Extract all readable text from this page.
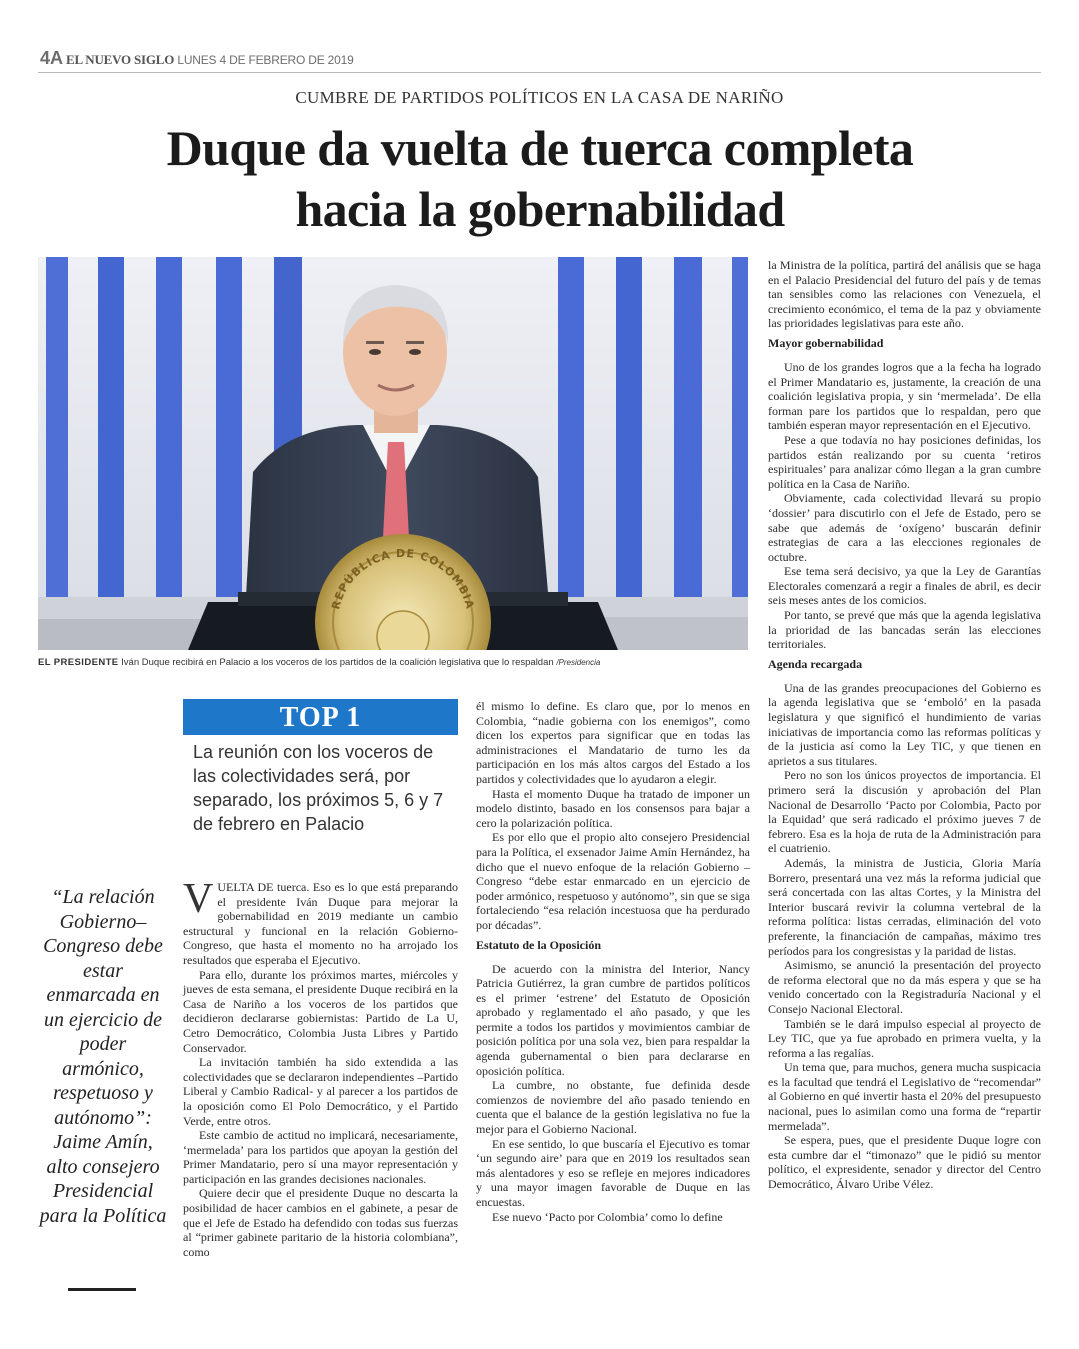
4A EL NUEVO SIGLO LUNES 4 DE FEBRERO DE 2019
CUMBRE DE PARTIDOS POLÍTICOS EN LA CASA DE NARIÑO
Duque da vuelta de tuerca completa
hacia la gobernabilidad
REPÚBLICA DE COLOMBIA
EL PRESIDENTE Iván Duque recibirá en Palacio a los voceros de los partidos de la coalición legislativa que lo respaldan /Presidencia
TOP 1
La reunión con los voceros de las colectividades será, por separado, los próximos 5, 6 y 7 de febrero en Palacio
“La relación Gobierno–Congreso debe estar enmarcada en un ejercicio de poder armónico, respetuoso y autónomo”: Jaime Amín, alto consejero Presidencial para la Política

VUELTA DE tuerca. Eso es lo que está preparando el presidente Iván Duque para mejorar la gobernabilidad en 2019 mediante un cambio estructural y funcional en la relación Gobierno-Congreso, que hasta el momento no ha arrojado los resultados que esperaba el Ejecutivo.

Para ello, durante los próximos martes, miércoles y jueves de esta semana, el presidente Duque recibirá en la Casa de Nariño a los voceros de los partidos que decidieron declararse gobiernistas: Partido de La U, Cetro Democrático, Colombia Justa Libres y Partido Conservador.

La invitación también ha sido extendida a las colectividades que se declararon independientes –Partido Liberal y Cambio Radical- y al parecer a los partidos de la oposición como El Polo Democrático, y el Partido Verde, entre otros.

Este cambio de actitud no implicará, necesariamente, ‘mermelada’ para los partidos que apoyan la gestión del Primer Mandatario, pero sí una mayor representación y participación en las grandes decisiones nacionales.

Quiere decir que el presidente Duque no descarta la posibilidad de hacer cambios en el gabinete, a pesar de que el Jefe de Estado ha defendido con todas sus fuerzas al “primer gabinete paritario de la historia colombiana”, como

él mismo lo define. Es claro que, por lo menos en Colombia, “nadie gobierna con los enemigos”, como dicen los expertos para significar que en todas las administraciones el Mandatario de turno les da participación en los más altos cargos del Estado a los partidos y colectividades que lo ayudaron a elegir.

Hasta el momento Duque ha tratado de imponer un modelo distinto, basado en los consensos para bajar a cero la polarización política.

Es por ello que el propio alto consejero Presidencial para la Política, el exsenador Jaime Amín Hernández, ha dicho que el nuevo enfoque de la relación Gobierno – Congreso “debe estar enmarcado en un ejercicio de poder armónico, respetuoso y autónomo”, sin que se siga fortaleciendo “esa relación incestuosa que ha perdurado por décadas”.

Estatuto de la Oposición

De acuerdo con la ministra del Interior, Nancy Patricia Gutiérrez, la gran cumbre de partidos políticos es el primer ‘estrene’ del Estatuto de Oposición aprobado y reglamentado el año pasado, y que les permite a todos los partidos y movimientos cambiar de posición política por una sola vez, bien para respaldar la agenda gubernamental o bien para declararse en oposición política.

La cumbre, no obstante, fue definida desde comienzos de noviembre del año pasado teniendo en cuenta que el balance de la gestión legislativa no fue la mejor para el Gobierno Nacional.

En ese sentido, lo que buscaría el Ejecutivo es tomar ‘un segundo aire’ para que en 2019 los resultados sean más alentadores y eso se refleje en mejores indicadores y una mayor imagen favorable de Duque en las encuestas.

Ese nuevo ‘Pacto por Colombia’ como lo define

la Ministra de la política, partirá del análisis que se haga en el Palacio Presidencial del futuro del país y de temas tan sensibles como las relaciones con Venezuela, el crecimiento económico, el tema de la paz y obviamente las prioridades legislativas para este año.

Mayor gobernabilidad

Uno de los grandes logros que a la fecha ha logrado el Primer Mandatario es, justamente, la creación de una coalición legislativa propia, y sin ‘mermelada’. De ella forman pare los partidos que lo respaldan, pero que también esperan mayor representación en el Ejecutivo.

Pese a que todavía no hay posiciones definidas, los partidos están realizando por su cuenta ‘retiros espirituales’ para analizar cómo llegan a la gran cumbre política en la Casa de Nariño.

Obviamente, cada colectividad llevará su propio ‘dossier’ para discutirlo con el Jefe de Estado, pero se sabe que además de ‘oxígeno’ buscarán definir estrategias de cara a las elecciones regionales de octubre.

Ese tema será decisivo, ya que la Ley de Garantías Electorales comenzará a regir a finales de abril, es decir seis meses antes de los comicios.

Por tanto, se prevé que más que la agenda legislativa la prioridad de las bancadas serán las elecciones territoriales.

Agenda recargada

Una de las grandes preocupaciones del Gobierno es la agenda legislativa que se ‘emboló’ en la pasada legislatura y que significó el hundimiento de varias iniciativas de importancia como las reformas políticas y de la justicia así como la Ley TIC, y que tienen en aprietos a sus titulares.

Pero no son los únicos proyectos de importancia. El primero será la discusión y aprobación del Plan Nacional de Desarrollo ‘Pacto por Colombia, Pacto por la Equidad’ que será radicado el próximo jueves 7 de febrero. Esa es la hoja de ruta de la Administración para el cuatrienio.

Además, la ministra de Justicia, Gloria María Borrero, presentará una vez más la reforma judicial que será concertada con las altas Cortes, y la Ministra del Interior buscará revivir la columna vertebral de la reforma política: listas cerradas, eliminación del voto preferente, la financiación de campañas, máximo tres períodos para los congresistas y la paridad de listas.

Asimismo, se anunció la presentación del proyecto de reforma electoral que no da más espera y que se ha venido concertado con la Registraduría Nacional y el Consejo Nacional Electoral.

También se le dará impulso especial al proyecto de Ley TIC, que ya fue aprobado en primera vuelta, y la reforma a las regalías.

Un tema que, para muchos, genera mucha suspicacia es la facultad que tendrá el Legislativo de “recomendar” al Gobierno en qué invertir hasta el 20% del presupuesto nacional, pues lo asimilan como una forma de “repartir mermelada”.

Se espera, pues, que el presidente Duque logre con esta cumbre dar el “timonazo” que le pidió su mentor político, el expresidente, senador y director del Centro Democrático, Álvaro Uribe Vélez.
